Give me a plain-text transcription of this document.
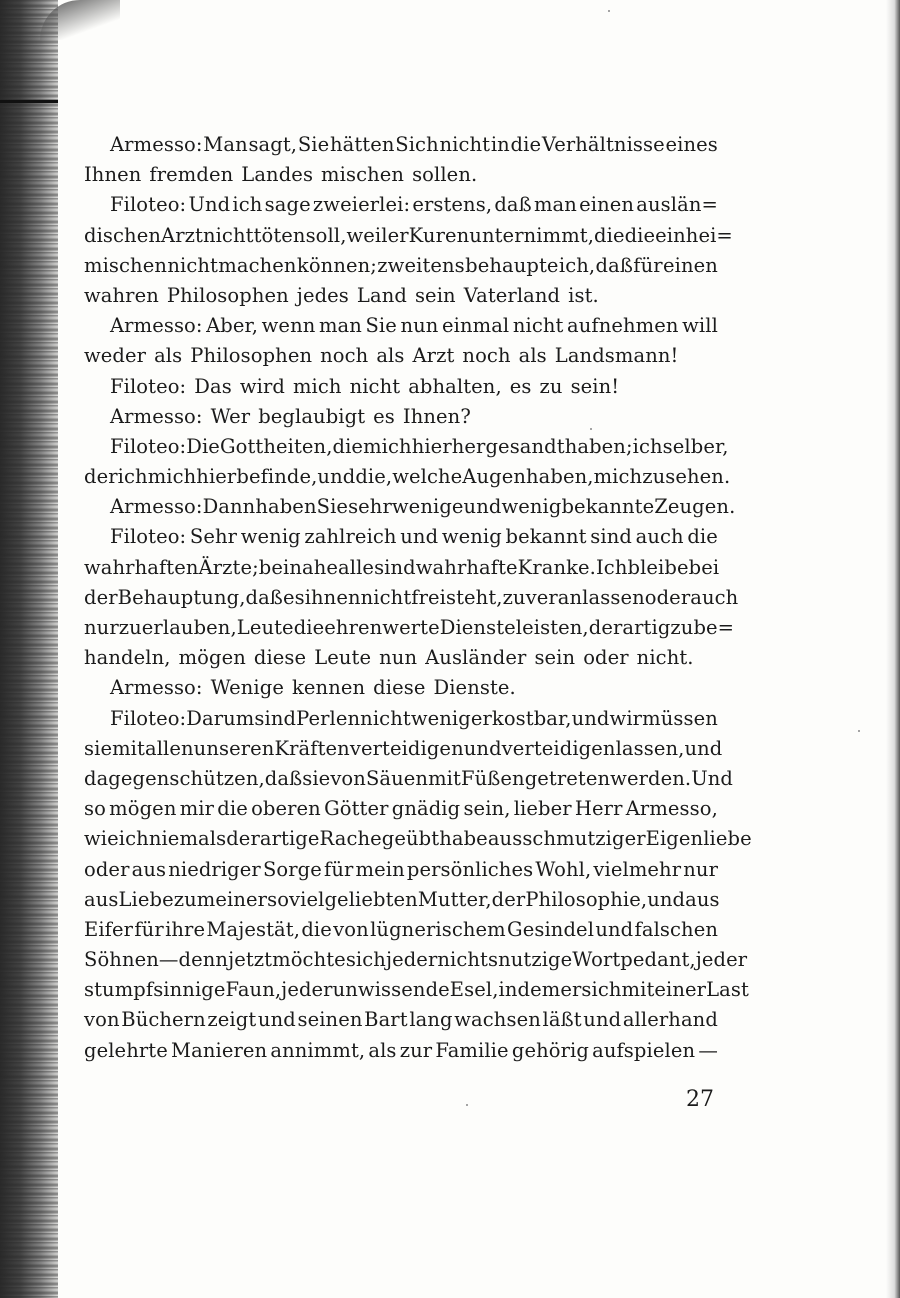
Armesso: Man sagt, Sie hätten Sich nicht in die Verhältnisse eines
Ihnen fremden Landes mischen sollen.
Filoteo: Und ich sage zweierlei: erstens, daß man einen auslän=
dischen Arzt nicht töten soll, weil er Kuren unternimmt, die die einhei=
mischen nicht machen können; zweitens behaupte ich, daß für einen
wahren Philosophen jedes Land sein Vaterland ist.
Armesso: Aber, wenn man Sie nun einmal nicht aufnehmen will
weder als Philosophen noch als Arzt noch als Landsmann!
Filoteo: Das wird mich nicht abhalten, es zu sein!
Armesso: Wer beglaubigt es Ihnen?
Filoteo: Die Gottheiten, die mich hierher gesandt haben; ich selber,
der ich mich hier befinde, und die, welche Augen haben, mich zu sehen.
Armesso: Dann haben Sie sehr wenige und wenig bekannte Zeugen.
Filoteo: Sehr wenig zahlreich und wenig bekannt sind auch die
wahrhaften Ärzte; beinahe alle sind wahrhafte Kranke. Ich bleibe bei
der Behauptung, daß es ihnen nicht freisteht, zu veranlassen oder auch
nur zu erlauben, Leute die ehrenwerte Dienste leisten, derartig zu be=
handeln, mögen diese Leute nun Ausländer sein oder nicht.
Armesso: Wenige kennen diese Dienste.
Filoteo: Darum sind Perlen nicht weniger kostbar, und wir müssen
sie mit allen unseren Kräften verteidigen und verteidigen lassen, und
dagegen schützen, daß sie von Säuen mit Füßen getreten werden. Und
so mögen mir die oberen Götter gnädig sein, lieber Herr Armesso,
wie ich niemals derartige Rache geübt habe aus schmutziger Eigenliebe
oder aus niedriger Sorge für mein persönliches Wohl, vielmehr nur
aus Liebe zu meiner so vielgeliebten Mutter, der Philosophie, und aus
Eifer für ihre Majestät, die von lügnerischem Gesindel und falschen
Söhnen — denn jetzt möchte sich jeder nichtsnutzige Wortpedant, jeder
stumpfsinnige Faun, jeder unwissende Esel, indem er sich mit einer Last
von Büchern zeigt und seinen Bart lang wachsen läßt und allerhand
gelehrte Manieren annimmt, als zur Familie gehörig aufspielen —
27
